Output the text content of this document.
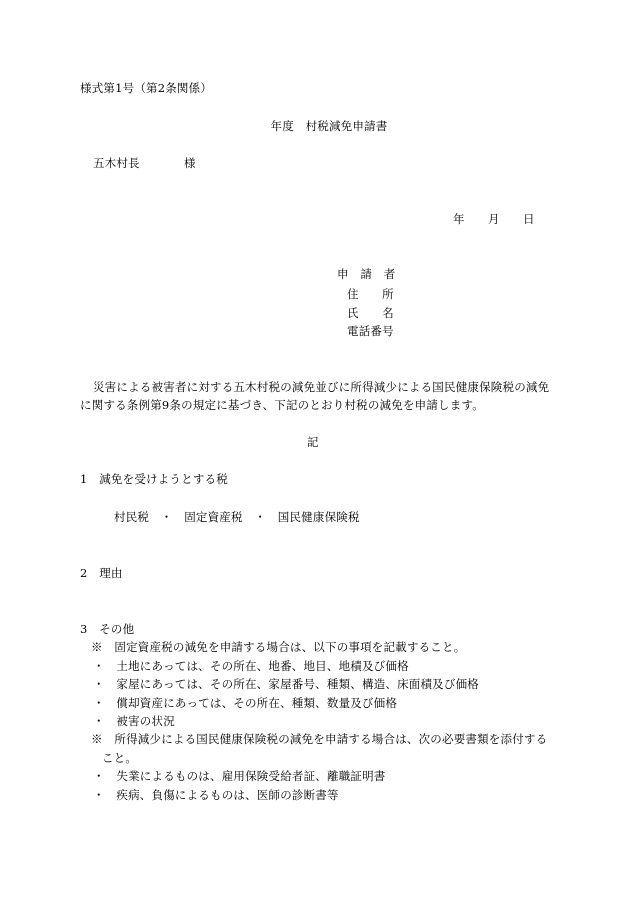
様式第1号（第2条関係）
年度　村税減免申請書
五木村長	様
年 月 日
申　請　者
住　　所
氏　　名
電話番号
災害による被害者に対する五木村税の減免並びに所得減少による国民健康保険税の減免
に関する条例第9条の規定に基づき、下記のとおり村税の減免を申請します。
記
1　減免を受けようとする税
村民税　・　固定資産税　・　国民健康保険税
2　理由
3　その他
※　固定資産税の減免を申請する場合は、以下の事項を記載すること。
・　土地にあっては、その所在、地番、地目、地積及び価格
・　家屋にあっては、その所在、家屋番号、種類、構造、床面積及び価格
・　償却資産にあっては、その所在、種類、数量及び価格
・　被害の状況
※　所得減少による国民健康保険税の減免を申請する場合は、次の必要書類を添付する
こと。
・　失業によるものは、雇用保険受給者証、離職証明書
・　疾病、負傷によるものは、医師の診断書等
